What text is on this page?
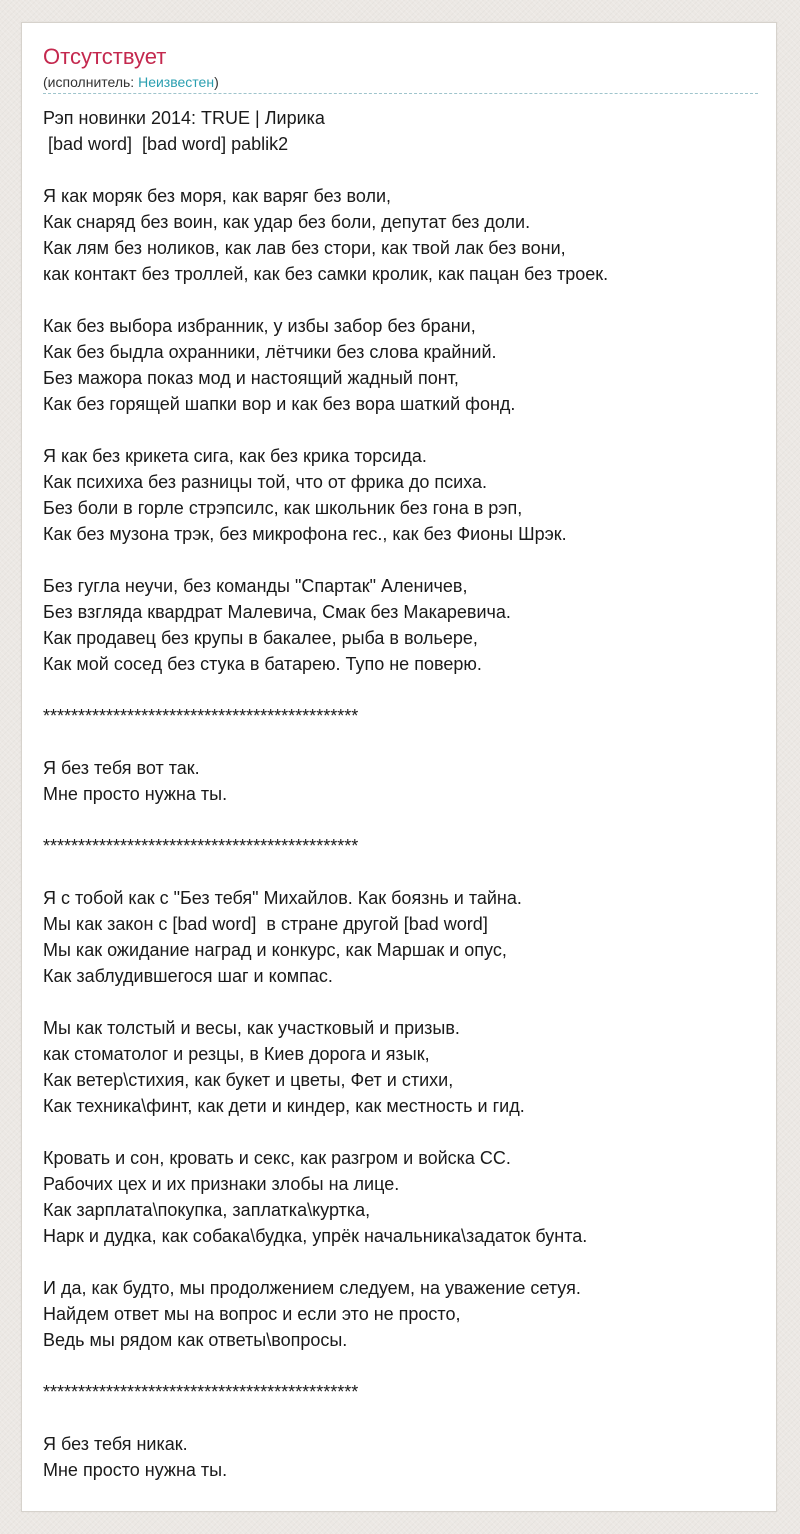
Отсутствует
(исполнитель: Неизвестен)
Рэп новинки 2014: TRUE | Лирика
[bad word]  [bad word] pablik2

Я как моряк без моря, как варяг без воли,
Как снаряд без воин, как удар без боли, депутат без доли.
Как лям без ноликов, как лав без стори, как твой лак без вони,
как контакт без троллей, как без самки кролик, как пацан без троек.

Как без выбора избранник, у избы забор без брани,
Как без быдла охранники, лётчики без слова крайний.
Без мажора показ мод и настоящий жадный понт,
Как без горящей шапки вор и как без вора шаткий фонд.

Я как без крикета сига, как без крика торсида.
Как психиха без разницы той, что от фрика до психа.
Без боли в горле стрэпсилс, как школьник без гона в рэп,
Как без музона трэк, без микрофона rec., как без Фионы Шрэк.

Без гугла неучи, без команды "Спартак" Аленичев,
Без взгляда квардрат Малевича, Смак без Макаревича.
Как продавец без крупы в бакалее, рыба в вольере,
Как мой сосед без стука в батарею. Тупо не поверю.

*********************************************

Я без тебя вот так.
Мне просто нужна ты.

*********************************************

Я с тобой как с "Без тебя" Михайлов. Как боязнь и тайна.
Мы как закон с [bad word]  в стране другой [bad word]
Мы как ожидание наград и конкурс, как Маршак и опус,
Как заблудившегося шаг и компас.

Мы как толстый и весы, как участковый и призыв.
как стоматолог и резцы, в Киев дорога и язык,
Как ветер\стихия, как букет и цветы, Фет и стихи,
Как техника\финт, как дети и киндер, как местность и гид.

Кровать и сон, кровать и секс, как разгром и войска СС.
Рабочих цех и их признаки злобы на лице.
Как зарплата\покупка, заплатка\куртка,
Нарк и дудка, как собака\будка, упрёк начальника\задаток бунта.

И да, как будто, мы продолжением следуем, на уважение сетуя.
Найдем ответ мы на вопрос и если это не просто,
Ведь мы рядом как ответы\вопросы.

*********************************************

Я без тебя никак.
Мне просто нужна ты.
